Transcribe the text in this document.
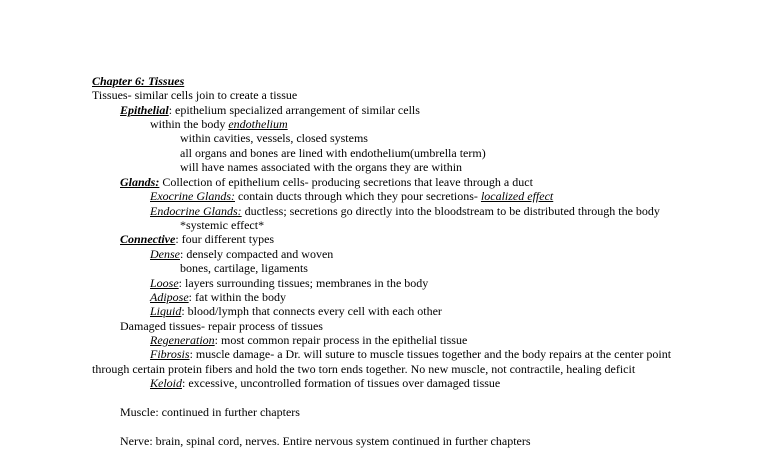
Chapter 6: Tissues
Tissues- similar cells join to create a tissue
Epithelial: epithelium specialized arrangement of similar cells
within the body endothelium
within cavities, vessels, closed systems
all organs and bones are lined with endothelium(umbrella term)
will have names associated with the organs they are within
Glands: Collection of epithelium cells- producing secretions that leave through a duct
Exocrine Glands: contain ducts through which they pour secretions- localized effect
Endocrine Glands: ductless; secretions go directly into the bloodstream to be distributed through the body
*systemic effect*
Connective: four different types
Dense: densely compacted and woven
bones, cartilage, ligaments
Loose: layers surrounding tissues; membranes in the body
Adipose: fat within the body
Liquid: blood/lymph that connects every cell with each other
Damaged tissues- repair process of tissues
Regeneration: most common repair process in the epithelial tissue
Fibrosis: muscle damage- a Dr. will suture to muscle tissues together and the body repairs at the center point
through certain protein fibers and hold the two torn ends together. No new muscle, not contractile, healing deficit
Keloid: excessive, uncontrolled formation of tissues over damaged tissue
Muscle: continued in further chapters
Nerve: brain, spinal cord, nerves. Entire nervous system continued in further chapters
